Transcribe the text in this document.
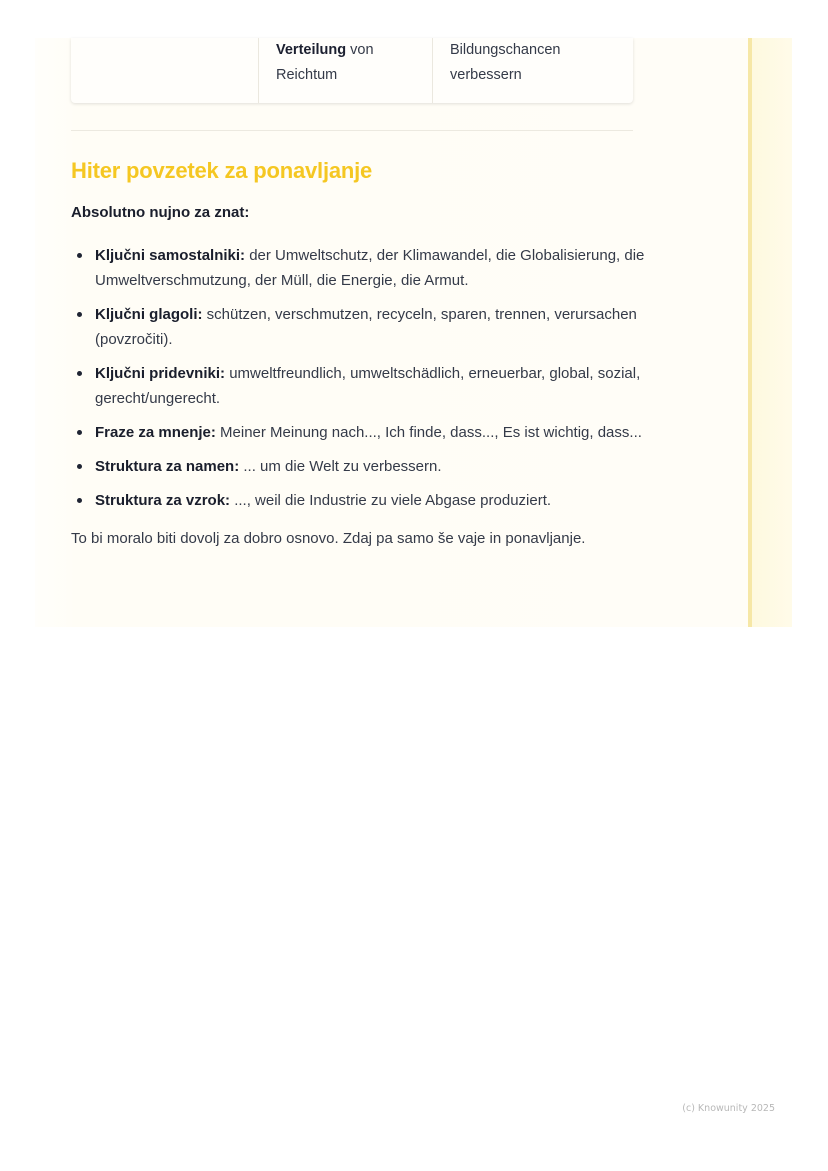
Verteilung von Reichtum
Bildungschancen verbessern
Hiter povzetek za ponavljanje

Absolutno nujno za znat:

Ključni samostalniki: der Umweltschutz, der Klimawandel, die Globalisierung, die Umweltverschmutzung, der Müll, die Energie, die Armut.
Ključni glagoli: schützen, verschmutzen, recyceln, sparen, trennen, verursachen (povzročiti).
Ključni pridevniki: umweltfreundlich, umweltschädlich, erneuerbar, global, sozial, gerecht/ungerecht.
Fraze za mnenje: Meiner Meinung nach..., Ich finde, dass..., Es ist wichtig, dass...
Struktura za namen: ... um die Welt zu verbessern.
Struktura za vzrok: ..., weil die Industrie zu viele Abgase produziert.

To bi moralo biti dovolj za dobro osnovo. Zdaj pa samo še vaje in ponavljanje.

(c) Knowunity 2025
